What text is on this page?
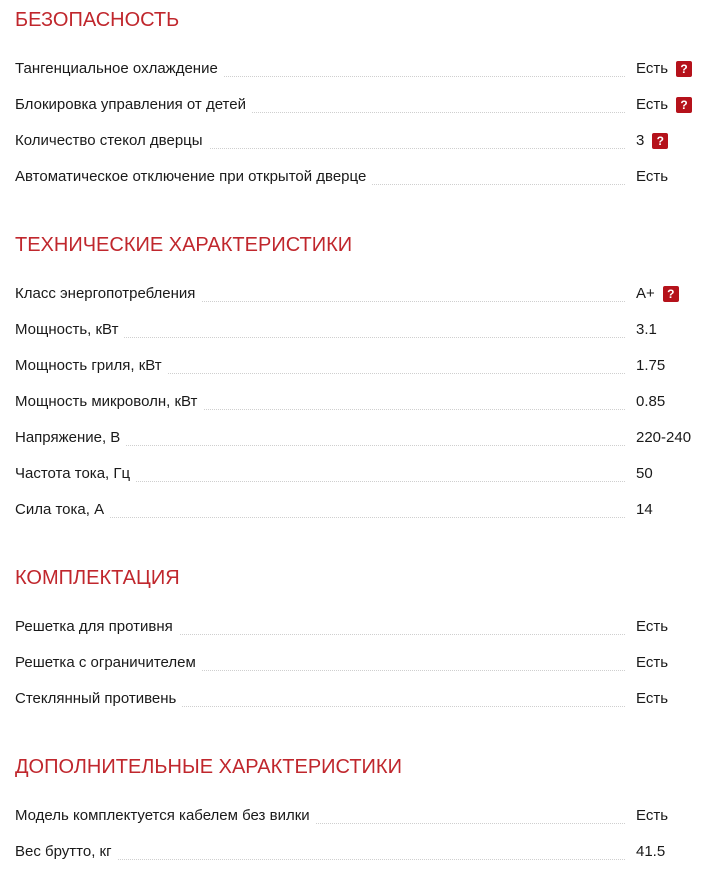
БЕЗОПАСНОСТЬ
Тангенциальное охлаждение	Есть	?
Блокировка управления от детей	Есть	?
Количество стекол дверцы	3	?
Автоматическое отключение при открытой дверце	Есть
ТЕХНИЧЕСКИЕ ХАРАКТЕРИСТИКИ
Класс энергопотребления	A+	?
Мощность, кВт	3.1
Мощность гриля, кВт	1.75
Мощность микроволн, кВт	0.85
Напряжение, В	220-240
Частота тока, Гц	50
Сила тока, А	14
КОМПЛЕКТАЦИЯ
Решетка для противня	Есть
Решетка с ограничителем	Есть
Стеклянный противень	Есть
ДОПОЛНИТЕЛЬНЫЕ ХАРАКТЕРИСТИКИ
Модель комплектуется кабелем без вилки	Есть
Вес брутто, кг	41.5
